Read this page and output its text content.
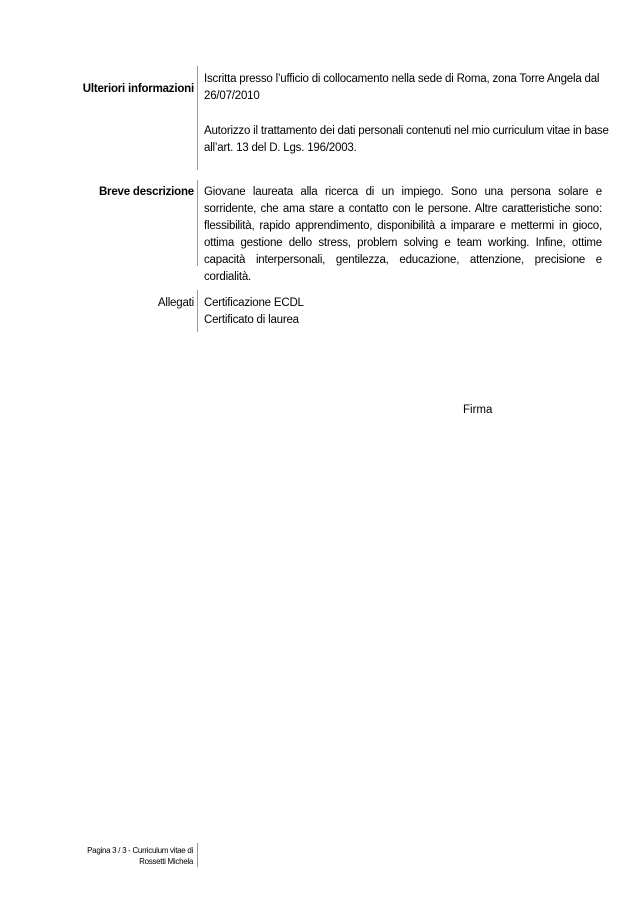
Ulteriori informazioni
Iscritta presso l’ufficio di collocamento nella sede di Roma, zona Torre Angela dal
26/07/2010
Autorizzo il trattamento dei dati personali contenuti nel mio curriculum vitae in base
all’art. 13 del D. Lgs. 196/2003.
Breve descrizione Giovane laureata alla ricerca di un impiego. Sono una persona solare e sorridente, che ama stare a contatto con le persone. Altre caratteristiche sono: flessibilità, rapido apprendimento, disponibilità a imparare e mettermi in gioco, ottima gestione dello stress, problem solving e team working. Infine, ottime capacità interpersonali, gentilezza, educazione, attenzione, precisione e cordialità.
Allegati Certificazione ECDL
Certificato di laurea
Firma
Pagina 3 / 3 - Curriculum vitae di
Rossetti Michela
